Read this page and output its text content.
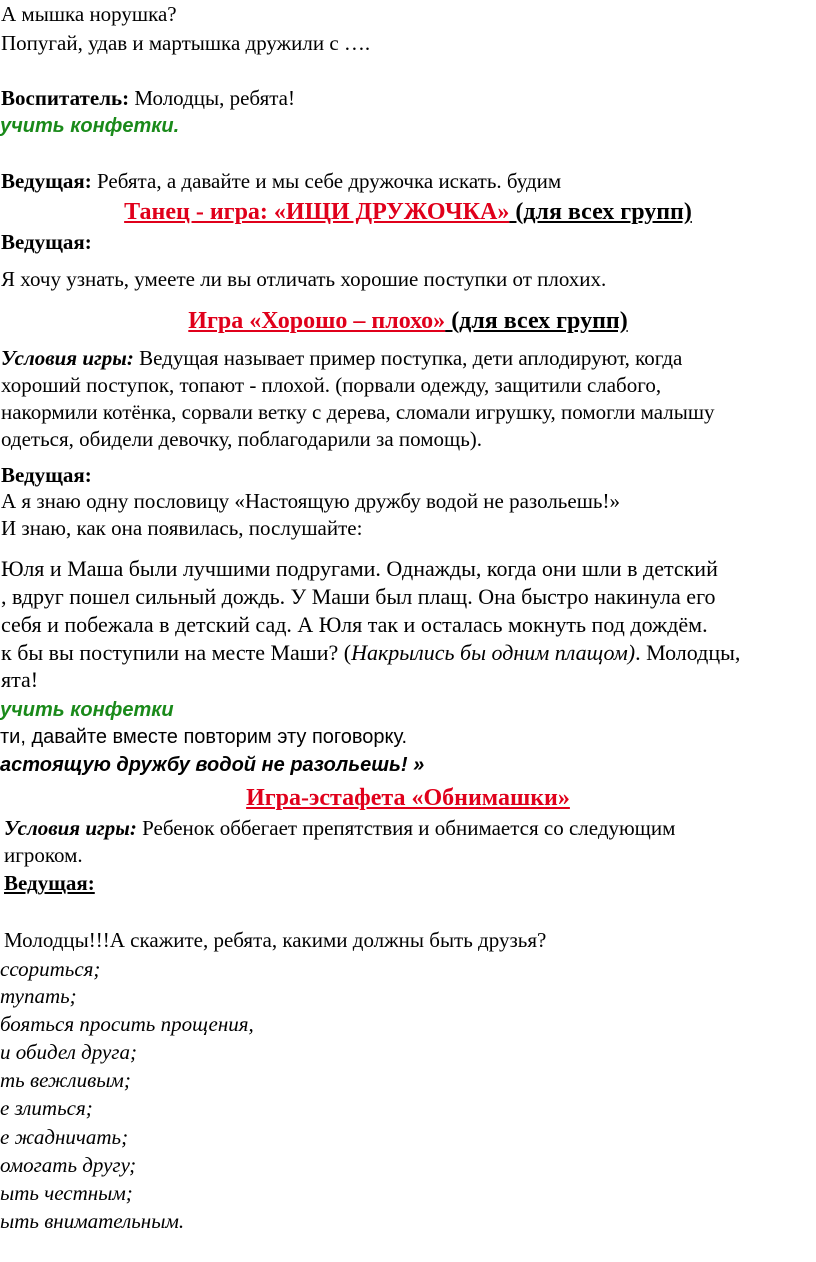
А мышка норушка?
Попугай, удав и мартышка дружили с ….
Воспитатель: Молодцы, ребята!
учить конфетки.
Ведущая: Ребята, а давайте и мы себе дружочка искать. будим
Танец - игра: «ИЩИ ДРУЖОЧКА» (для всех групп)
Ведущая:
Я хочу узнать, умеете ли вы отличать хорошие поступки от плохих.
Игра «Хорошо – плохо» (для всех групп)
Условия игры: Ведущая называет пример поступка, дети аплодируют, когда
хороший поступок, топают - плохой. (порвали одежду, защитили слабого,
накормили котёнка, сорвали ветку с дерева, сломали игрушку, помогли малышу
одеться, обидели девочку, поблагодарили за помощь).
Ведущая:
А я знаю одну пословицу «Настоящую дружбу водой не разольешь!»
И знаю, как она появилась, послушайте:
Юля и Маша были лучшими подругами. Однажды, когда они шли в детский
, вдруг пошел сильный дождь. У Маши был плащ. Она быстро накинула его
себя и побежала в детский сад. А Юля так и осталась мокнуть под дождём.
к бы вы поступили на месте Маши? (Накрылись бы одним плащом). Молодцы,
ята!
учить конфетки
ти, давайте вместе повторим эту поговорку.
астоящую дружбу водой не разольешь! »
Игра-эстафета «Обнимашки»
Условия игры: Ребенок оббегает препятствия и обнимается со следующим
игроком.
Ведущая:
Молодцы!!!А скажите, ребята, какими должны быть друзья?
ссориться;
тупать;
бояться просить прощения,
и обидел друга;
ть вежливым;
е злиться;
е жадничать;
омогать другу;
ыть честным;
ыть внимательным.
